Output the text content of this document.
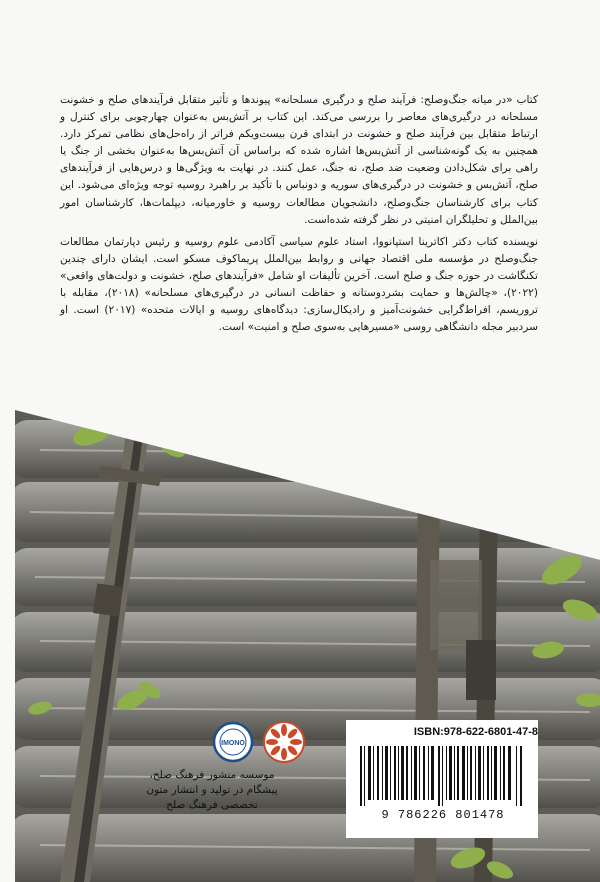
کتاب «در میانه جنگ‌وصلح: فرآیند صلح و درگیری مسلحانه» پیوندها و تأثیر متقابل فرآیندهای صلح و خشونت مسلحانه در درگیری‌های معاصر را بررسی می‌کند. این کتاب بر آتش‌بس به‌عنوان چهارچوبی برای کنترل و ارتباط متقابل بین فرآیند صلح و خشونت در ابتدای قرن بیست‌ویکم فراتر از راه‌حل‌های نظامی تمرکز دارد. همچنین به یک گونه‌شناسی از آتش‌بس‌ها اشاره شده که براساس آن آتش‌بس‌ها به‌عنوان بخشی از جنگ یا راهی برای شکل‌دادن وضعیت ضد صلح، نه جنگ، عمل کنند. در نهایت به ویژگی‌ها و درس‌هایی از فرآیندهای صلح، آتش‌بس و خشونت در درگیری‌های سوریه و دونباس با تأکید بر راهبرد روسیه توجه ویژه‌ای می‌شود. این کتاب برای کارشناسان جنگ‌وصلح، دانشجویان مطالعات روسیه و خاورمیانه، دیپلمات‌ها، کارشناسان امور بین‌الملل و تحلیلگران امنیتی در نظر گرفته شده‌است.

نویسنده کتاب دکتر اکاترینا استپانووا، استاد علوم سیاسی آکادمی علوم روسیه و رئیس دپارتمان مطالعات جنگ‌وصلح در مؤسسه ملی اقتصاد جهانی و روابط بین‌الملل پریماکوف مسکو است. ایشان دارای چندین تکنگاشت در حوزه جنگ و صلح است. آخرین تألیفات او شامل «فرآیندهای صلح، خشونت و دولت‌های واقعی» (۲۰۲۲)، «چالش‌ها و حمایت بشردوستانه و حفاظت انسانی در درگیری‌های مسلحانه» (۲۰۱۸)، مقابله با تروریسم، افراط‌گرایی خشونت‌آمیز و رادیکال‌سازی: دیدگاه‌های روسیه و ایالات متحده» (۲۰۱۷) است. او سردبیر مجله دانشگاهی روسی «مسیرهایی به‌سوی صلح و امنیت» است.

ISBN:978-622-6801-47-8
9 786226 801478
IMONO
موسسه منشور فرهنگ صلح،
پیشگام در تولید و انتشار متون
تخصصی فرهنگ صلح
